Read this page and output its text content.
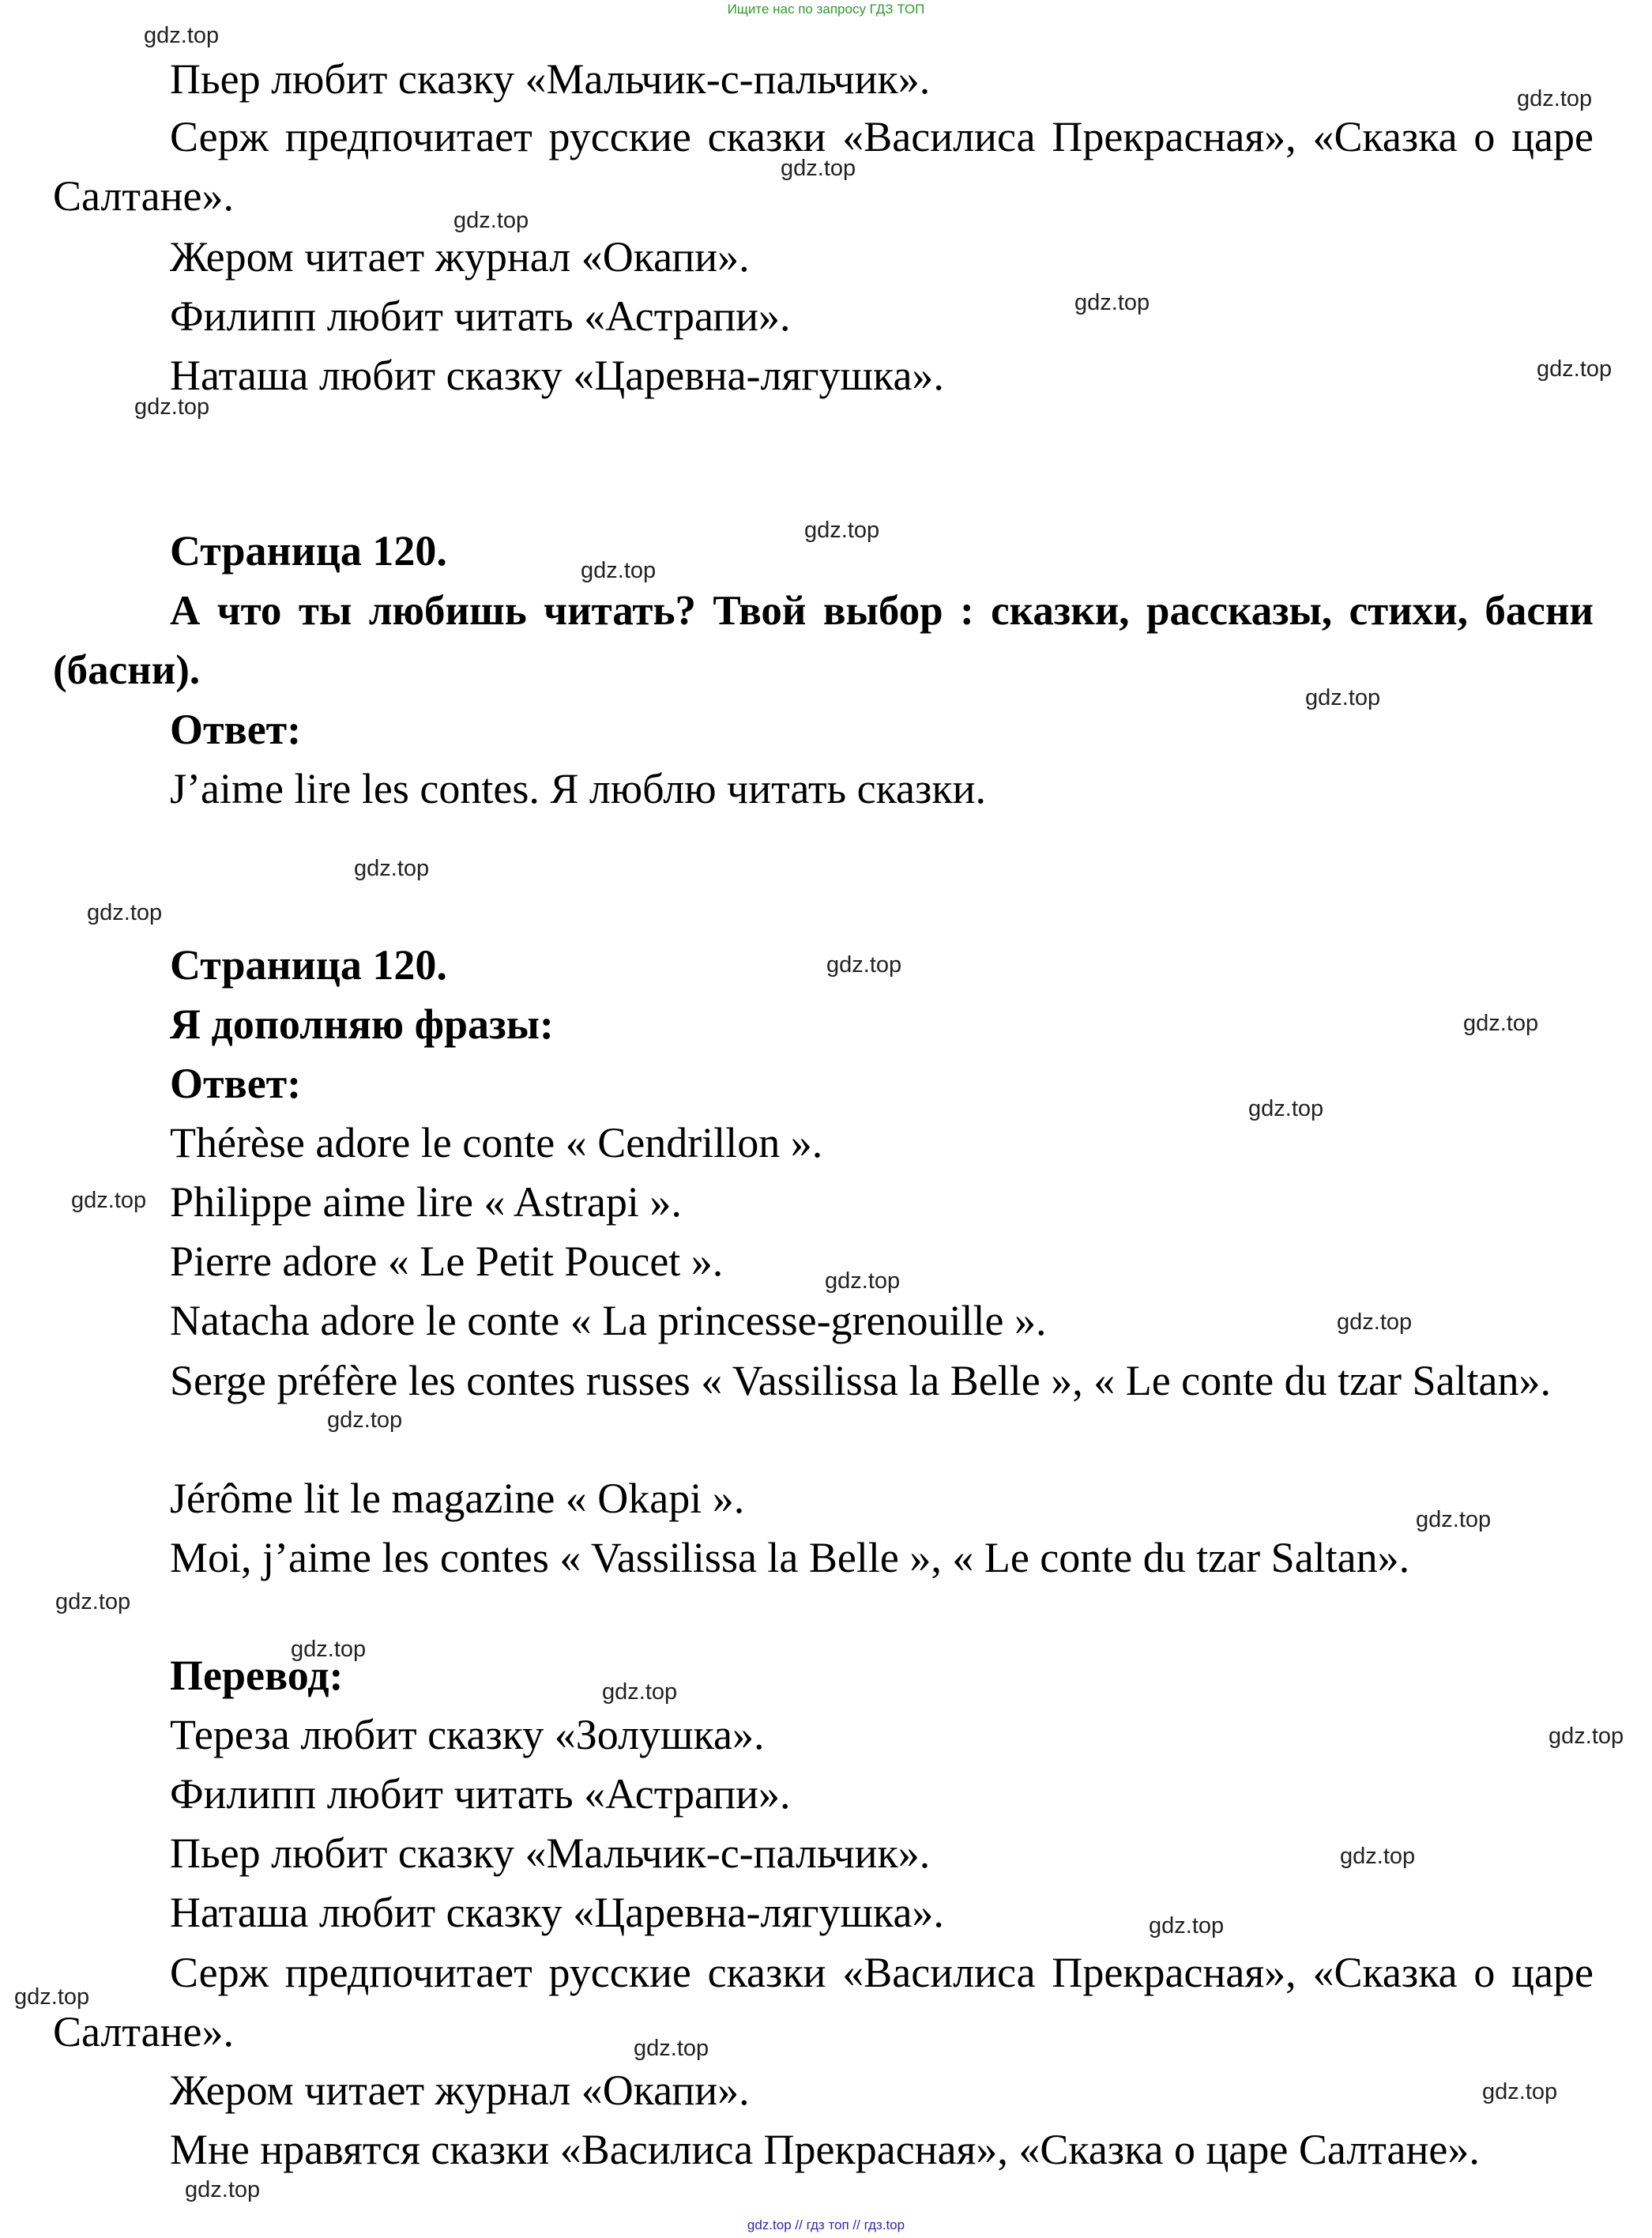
Ищите нас по запросу ГДЗ ТОП

Пьер любит сказку «Мальчик-с-пальчик».

Серж предпочитает русские сказки «Василиса Прекрасная», «Сказка о царе Салтане».

Жером читает журнал «Окапи».

Филипп любит читать «Астрапи».

Наташа любит сказку «Царевна-лягушка».

Страница 120.

А что ты любишь читать? Твой выбор : сказки, рассказы, стихи, басни (басни).

Ответ:

J’aime lire les contes. Я люблю читать сказки.

Страница 120.

Я дополняю фразы:

Ответ:

Thérèse adore le conte « Cendrillon ».

Philippe aime lire « Astrapi ».

Pierre adore « Le Petit Poucet ».

Natacha adore le conte « La princesse-grenouille ».

Serge préfère les contes russes « Vassilissa la Belle », « Le conte du tzar Saltan».

Jérôme lit le magazine « Okapi ».

Moi, j’aime les contes « Vassilissa la Belle », « Le conte du tzar Saltan».

Перевод:

Тереза любит сказку «Золушка».

Филипп любит читать «Астрапи».

Пьер любит сказку «Мальчик-с-пальчик».

Наташа любит сказку «Царевна-лягушка».

Серж предпочитает русские сказки «Василиса Прекрасная», «Сказка о царе Салтане».

Жером читает журнал «Окапи».

Мне нравятся сказки «Василиса Прекрасная», «Сказка о царе Салтане».

gdz.top
gdz.top
gdz.top
gdz.top
gdz.top
gdz.top
gdz.top
gdz.top
gdz.top
gdz.top
gdz.top
gdz.top
gdz.top
gdz.top
gdz.top
gdz.top
gdz.top
gdz.top
gdz.top
gdz.top
gdz.top
gdz.top
gdz.top
gdz.top
gdz.top
gdz.top
gdz.top
gdz.top
gdz.top
gdz.top
gdz.top // гдз топ // гдз.top
